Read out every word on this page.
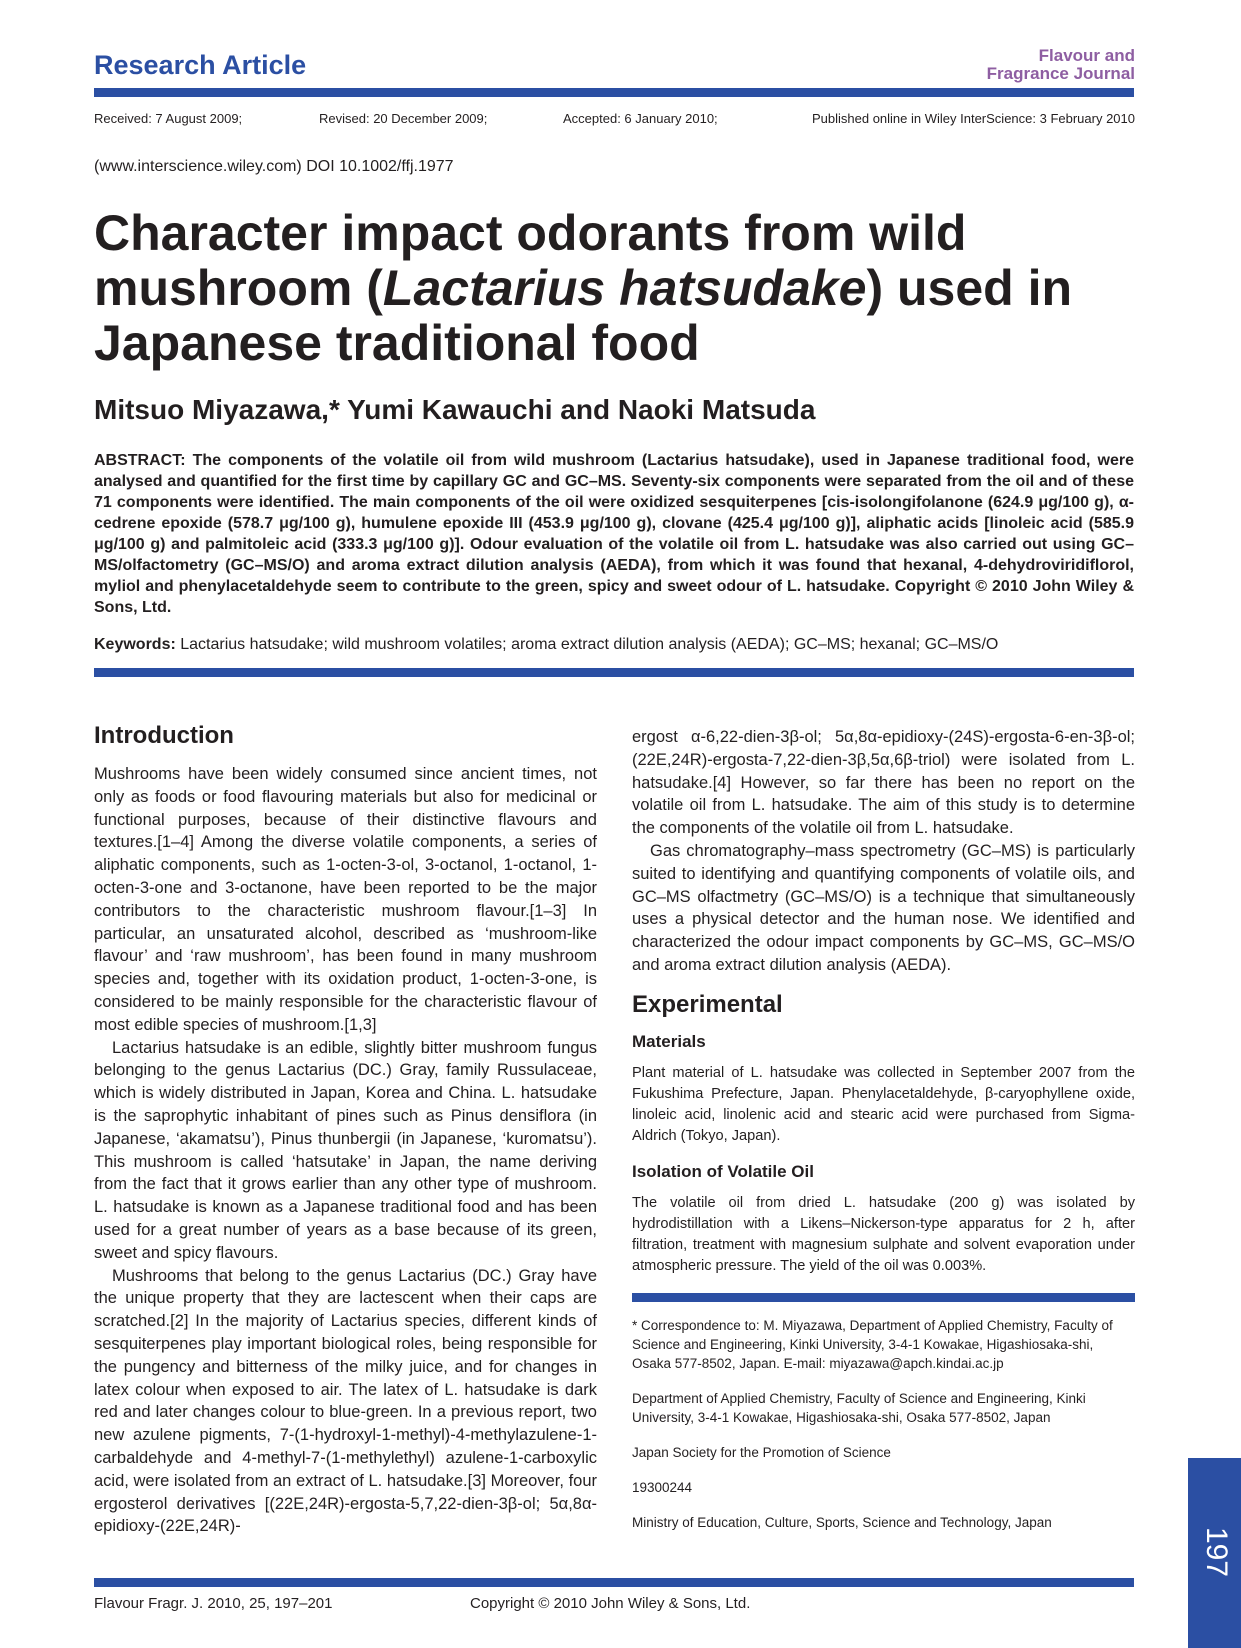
Research Article	Flavour and
Fragrance Journal
Received: 7 August 2009;	Revised: 20 December 2009;	Accepted: 6 January 2010;	Published online in Wiley InterScience: 3 February 2010
(www.interscience.wiley.com) DOI 10.1002/ffj.1977
Character impact odorants from wild mushroom (Lactarius hatsudake) used in Japanese traditional food
Mitsuo Miyazawa,* Yumi Kawauchi and Naoki Matsuda
ABSTRACT: The components of the volatile oil from wild mushroom (Lactarius hatsudake), used in Japanese traditional food, were analysed and quantified for the first time by capillary GC and GC–MS. Seventy-six components were separated from the oil and of these 71 components were identified. The main components of the oil were oxidized sesquiterpenes [cis-isolongifolanone (624.9 μg/100 g), α-cedrene epoxide (578.7 μg/100 g), humulene epoxide III (453.9 μg/100 g), clovane (425.4 μg/100 g)], aliphatic acids [linoleic acid (585.9 μg/100 g) and palmitoleic acid (333.3 μg/100 g)]. Odour evaluation of the volatile oil from L. hatsudake was also carried out using GC–MS/olfactometry (GC–MS/O) and aroma extract dilution analysis (AEDA), from which it was found that hexanal, 4-dehydroviridiflorol, myliol and phenylacetaldehyde seem to contribute to the green, spicy and sweet odour of L. hatsudake. Copyright © 2010 John Wiley & Sons, Ltd.
Keywords: Lactarius hatsudake; wild mushroom volatiles; aroma extract dilution analysis (AEDA); GC–MS; hexanal; GC–MS/O
Introduction

Mushrooms have been widely consumed since ancient times, not only as foods or food flavouring materials but also for medicinal or functional purposes, because of their distinctive flavours and textures.[1–4] Among the diverse volatile components, a series of aliphatic components, such as 1-octen-3-ol, 3-octanol, 1-octanol, 1-octen-3-one and 3-octanone, have been reported to be the major contributors to the characteristic mushroom flavour.[1–3] In particular, an unsaturated alcohol, described as ‘mushroom-like flavour’ and ‘raw mushroom’, has been found in many mushroom species and, together with its oxidation product, 1-octen-3-one, is considered to be mainly responsible for the characteristic flavour of most edible species of mushroom.[1,3]

Lactarius hatsudake is an edible, slightly bitter mushroom fungus belonging to the genus Lactarius (DC.) Gray, family Russulaceae, which is widely distributed in Japan, Korea and China. L. hatsudake is the saprophytic inhabitant of pines such as Pinus densiflora (in Japanese, ‘akamatsu’), Pinus thunbergii (in Japanese, ‘kuromatsu’). This mushroom is called ‘hatsutake’ in Japan, the name deriving from the fact that it grows earlier than any other type of mushroom. L. hatsudake is known as a Japanese traditional food and has been used for a great number of years as a base because of its green, sweet and spicy flavours.

Mushrooms that belong to the genus Lactarius (DC.) Gray have the unique property that they are lactescent when their caps are scratched.[2] In the majority of Lactarius species, different kinds of sesquiterpenes play important biological roles, being responsible for the pungency and bitterness of the milky juice, and for changes in latex colour when exposed to air. The latex of L. hatsudake is dark red and later changes colour to blue-green. In a previous report, two new azulene pigments, 7-(1-hydroxyl-1-methyl)-4-methylazulene-1-carbaldehyde and 4-methyl-7-(1-methylethyl) azulene-1-carboxylic acid, were isolated from an extract of L. hatsudake.[3] Moreover, four ergosterol derivatives [(22E,24R)-ergosta-5,7,22-dien-3β-ol; 5α,8α-epidioxy-(22E,24R)-

ergost α-6,22-dien-3β-ol; 5α,8α-epidioxy-(24S)-ergosta-6-en-3β-ol; (22E,24R)-ergosta-7,22-dien-3β,5α,6β-triol) were isolated from L. hatsudake.[4] However, so far there has been no report on the volatile oil from L. hatsudake. The aim of this study is to determine the components of the volatile oil from L. hatsudake.

Gas chromatography–mass spectrometry (GC–MS) is particularly suited to identifying and quantifying components of volatile oils, and GC–MS olfactmetry (GC–MS/O) is a technique that simultaneously uses a physical detector and the human nose. We identified and characterized the odour impact components by GC–MS, GC–MS/O and aroma extract dilution analysis (AEDA).

Experimental
Materials

Plant material of L. hatsudake was collected in September 2007 from the Fukushima Prefecture, Japan. Phenylacetaldehyde, β-caryophyllene oxide, linoleic acid, linolenic acid and stearic acid were purchased from Sigma-Aldrich (Tokyo, Japan).

Isolation of Volatile Oil

The volatile oil from dried L. hatsudake (200 g) was isolated by hydrodistillation with a Likens–Nickerson-type apparatus for 2 h, after filtration, treatment with magnesium sulphate and solvent evaporation under atmospheric pressure. The yield of the oil was 0.003%.

* Correspondence to: M. Miyazawa, Department of Applied Chemistry, Faculty of Science and Engineering, Kinki University, 3-4-1 Kowakae, Higashiosaka-shi, Osaka 577-8502, Japan. E-mail: miyazawa@apch.kindai.ac.jp

Department of Applied Chemistry, Faculty of Science and Engineering, Kinki University, 3-4-1 Kowakae, Higashiosaka-shi, Osaka 577-8502, Japan

Japan Society for the Promotion of Science

19300244

Ministry of Education, Culture, Sports, Science and Technology, Japan

197
Flavour Fragr. J. 2010, 25, 197–201	Copyright © 2010 John Wiley & Sons, Ltd.
